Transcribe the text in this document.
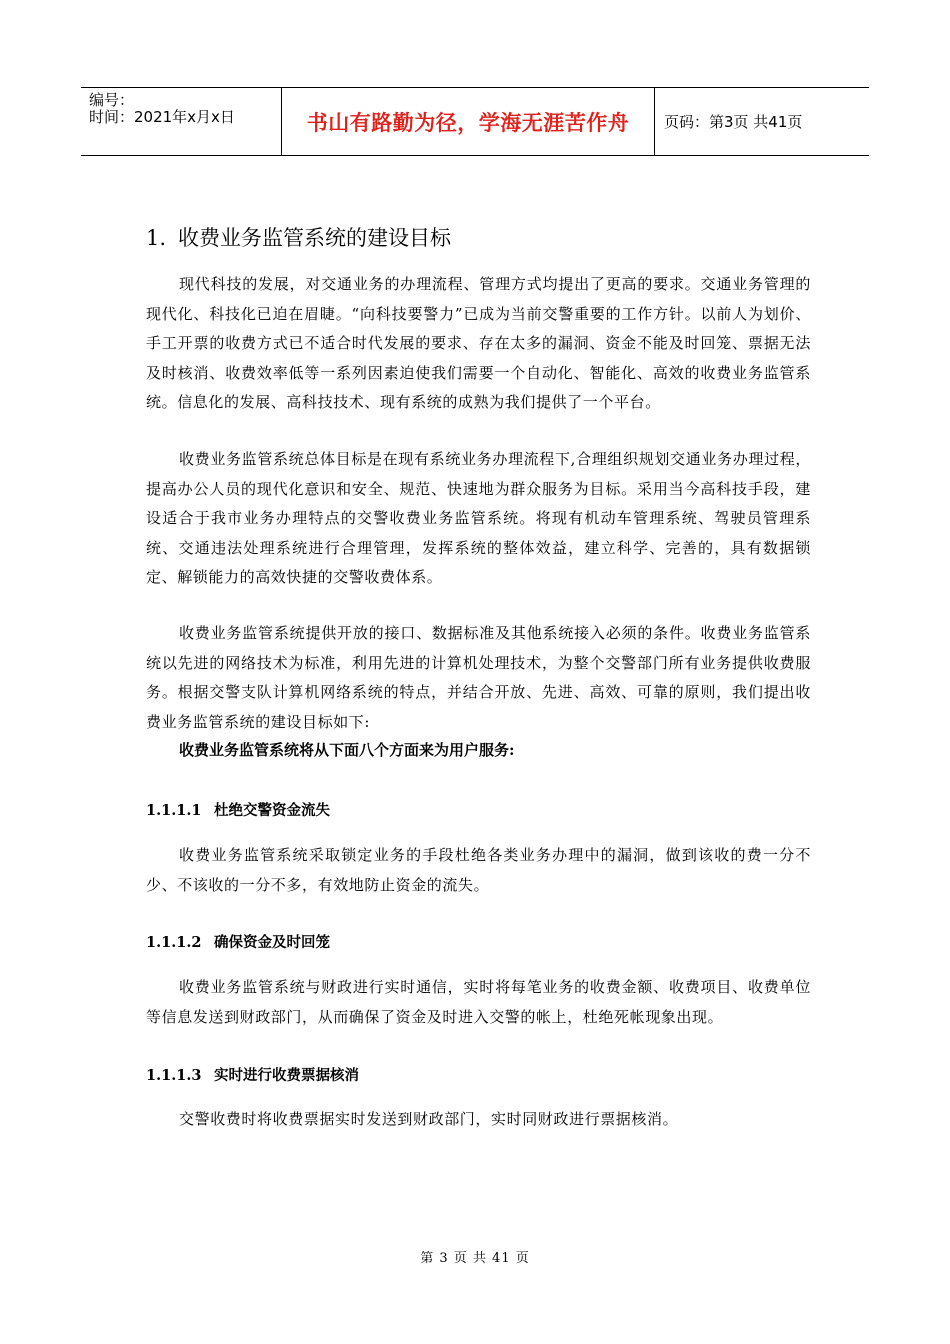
编号：
时间：2021年x月x日	书山有路勤为径，学海无涯苦作舟	页码：第3页 共41页
1. 收费业务监管系统的建设目标

现代科技的发展，对交通业务的办理流程、管理方式均提出了更高的要求。交通业务管理的现代化、科技化已迫在眉睫。“向科技要警力”已成为当前交警重要的工作方针。以前人为划价、手工开票的收费方式已不适合时代发展的要求、存在太多的漏洞、资金不能及时回笼、票据无法及时核消、收费效率低等一系列因素迫使我们需要一个自动化、智能化、高效的收费业务监管系统。信息化的发展、高科技技术、现有系统的成熟为我们提供了一个平台。

收费业务监管系统总体目标是在现有系统业务办理流程下,合理组织规划交通业务办理过程，提高办公人员的现代化意识和安全、规范、快速地为群众服务为目标。采用当今高科技手段，建设适合于我市业务办理特点的交警收费业务监管系统。将现有机动车管理系统、驾驶员管理系统、交通违法处理系统进行合理管理，发挥系统的整体效益，建立科学、完善的，具有数据锁定、解锁能力的高效快捷的交警收费体系。

收费业务监管系统提供开放的接口、数据标准及其他系统接入必须的条件。收费业务监管系统以先进的网络技术为标准，利用先进的计算机处理技术，为整个交警部门所有业务提供收费服务。根据交警支队计算机网络系统的特点，并结合开放、先进、高效、可靠的原则，我们提出收费业务监管系统的建设目标如下:

收费业务监管系统将从下面八个方面来为用户服务:
1.1.1.1 杜绝交警资金流失

收费业务监管系统采取锁定业务的手段杜绝各类业务办理中的漏洞，做到该收的费一分不少、不该收的一分不多，有效地防止资金的流失。

1.1.1.2 确保资金及时回笼

收费业务监管系统与财政进行实时通信，实时将每笔业务的收费金额、收费项目、收费单位等信息发送到财政部门，从而确保了资金及时进入交警的帐上，杜绝死帐现象出现。

1.1.1.3 实时进行收费票据核消

交警收费时将收费票据实时发送到财政部门，实时同财政进行票据核消。

第 3 页 共 41 页
